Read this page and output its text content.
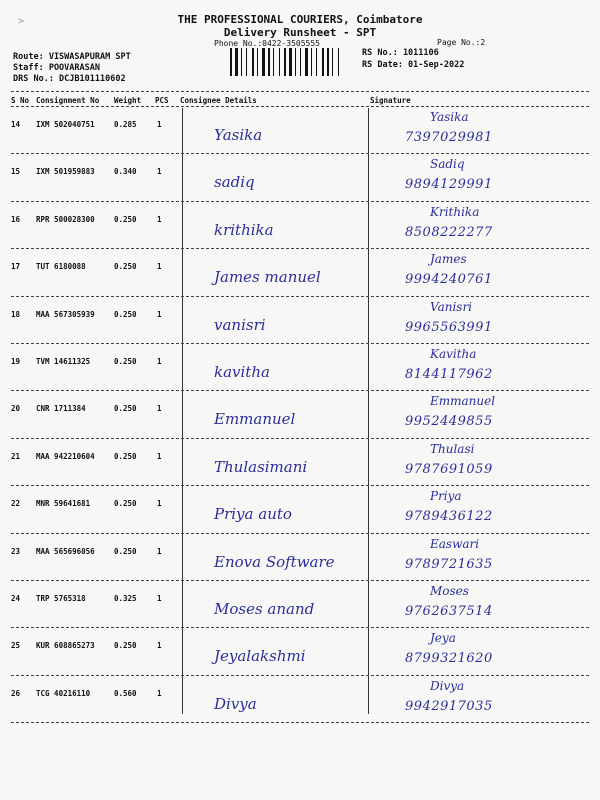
>	THE PROFESSIONAL COURIERS, Coimbatore
Delivery Runsheet - SPT
Phone No.:0422-3505555	Page No.:2
Route: VISWASAPURAM SPT
Staff: POOVARASAN
DRS No.: DCJB101110602
RS No.: 1011106
RS Date: 01-Sep-2022
S No Consignment No Weight PCS Consignee Details	Signature
14 IXM 502040751	0.285	1
Yasika
Yasika
7397029981
15 IXM 501959883	0.340	1
sadiq
Sadiq
9894129991
16 RPR 500028300	0.250	1
krithika
Krithika
8508222277
17 TUT 6180088	0.250	1
James manuel
James
9994240761
18 MAA 567305939	0.250	1
vanisri
Vanisri
9965563991
19 TVM 14611325	0.250	1
kavitha
Kavitha
8144117962
20 CNR 1711384	0.250	1
Emmanuel
Emmanuel
9952449855
21 MAA 942210604	0.250	1
Thulasimani
Thulasi
9787691059
22 MNR 59641681	0.250	1
Priya auto
Priya
9789436122
23 MAA 565696056	0.250	1
Enova Software
Easwari
9789721635
24 TRP 5765318	0.325	1
Moses anand
Moses
9762637514
25 KUR 608865273	0.250	1
Jeyalakshmi
Jeya
8799321620
26 TCG 40216110	0.560	1
Divya
Divya
9942917035
